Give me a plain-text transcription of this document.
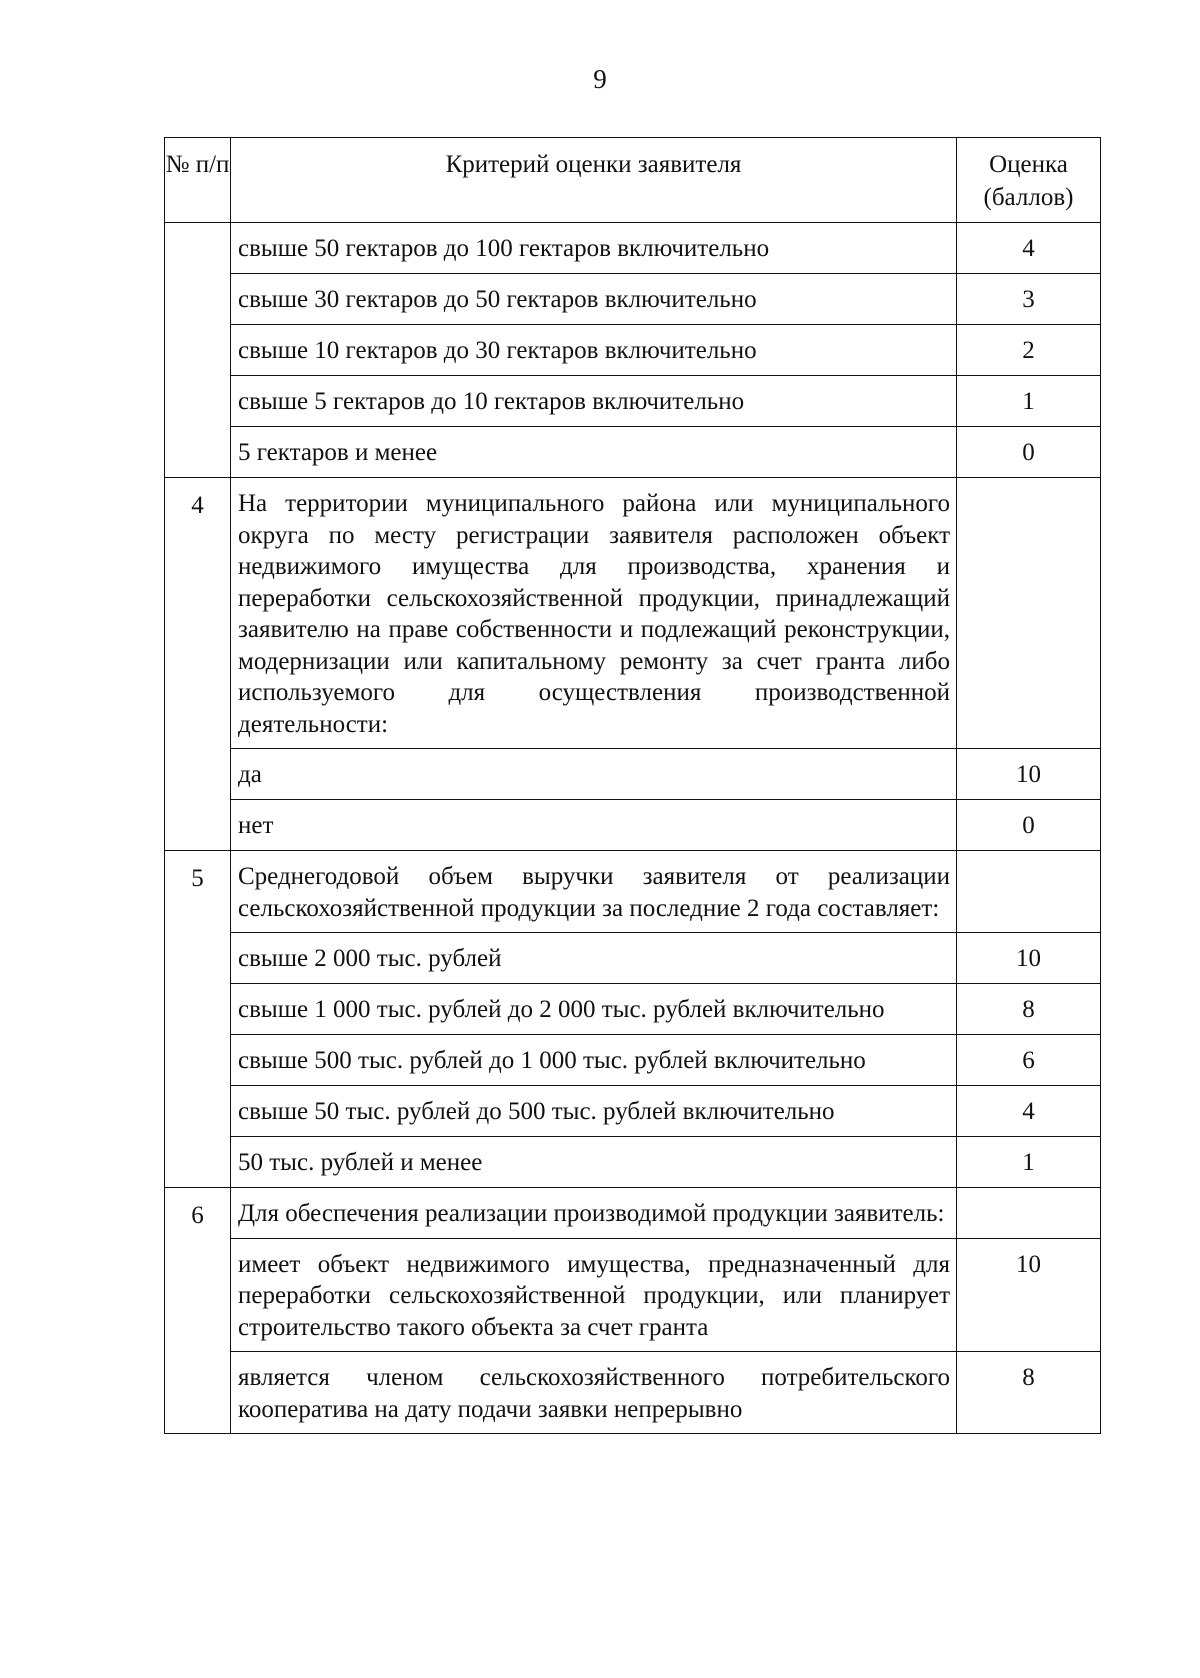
9
№ п/п	Критерий оценки заявителя	Оценка (баллов)
	свыше 50 гектаров до 100 гектаров включительно	4
	свыше 30 гектаров до 50 гектаров включительно	3
	свыше 10 гектаров до 30 гектаров включительно	2
	свыше 5 гектаров до 10 гектаров включительно	1
	5 гектаров и менее	0
4	На территории муниципального района или муниципального округа по месту регистрации заявителя расположен объект недвижимого имущества для производства, хранения и переработки сельскохозяйственной продукции, принадлежащий заявителю на праве собственности и подлежащий реконструкции, модернизации или капитальному ремонту за счет гранта либо используемого для осуществления производственной деятельности:	
	да	10
	нет	0
5	Среднегодовой объем выручки заявителя от реализации сельскохозяйственной продукции за последние 2 года составляет:	
	свыше 2 000 тыс. рублей	10
	свыше 1 000 тыс. рублей до 2 000 тыс. рублей включительно	8
	свыше 500 тыс. рублей до 1 000 тыс. рублей включительно	6
	свыше 50 тыс. рублей до 500 тыс. рублей включительно	4
	50 тыс. рублей и менее	1
6	Для обеспечения реализации производимой продукции заявитель:	
	имеет объект недвижимого имущества, предназначенный для переработки сельскохозяйственной продукции, или планирует строительство такого объекта за счет гранта	10
	является членом сельскохозяйственного потребительского кооператива на дату подачи заявки непрерывно	8
